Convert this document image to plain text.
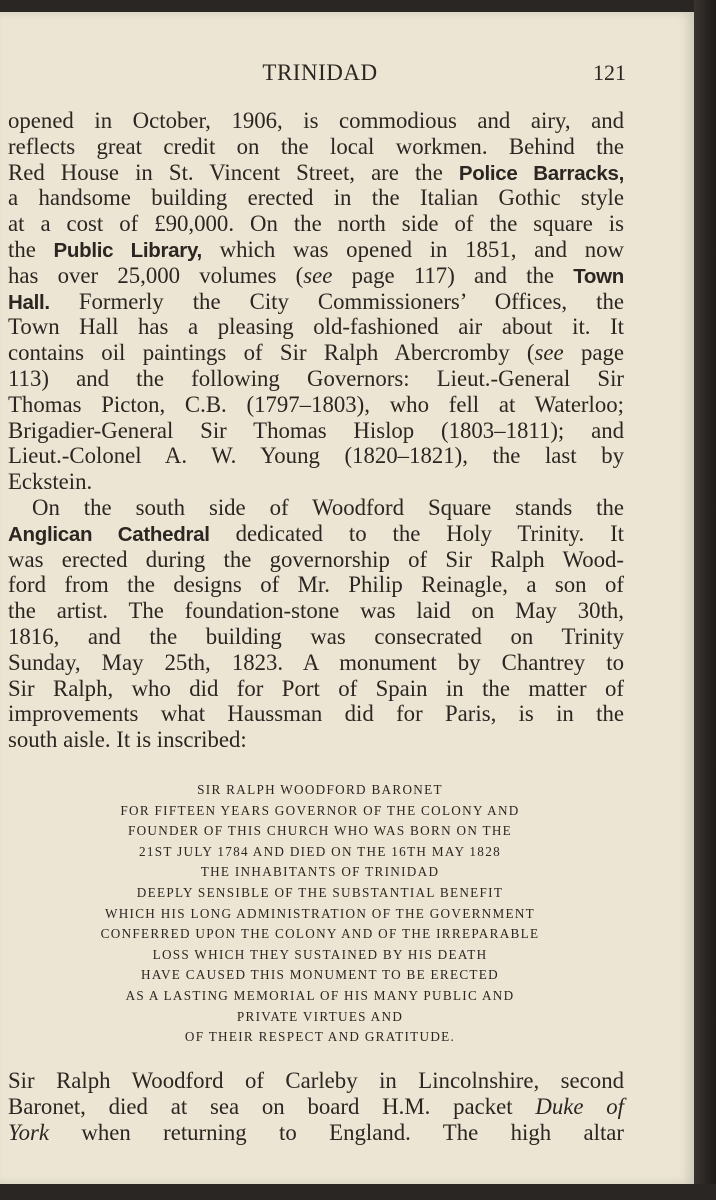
TRINIDAD	121
opened in October, 1906, is commodious and airy, and
reflects great credit on the local workmen. Behind the
Red House in St. Vincent Street, are the Police Barracks,
a handsome building erected in the Italian Gothic style
at a cost of £90,000. On the north side of the square is
the Public Library, which was opened in 1851, and now
has over 25,000 volumes (see page 117) and the Town
Hall. Formerly the City Commissioners’ Offices, the
Town Hall has a pleasing old-fashioned air about it. It
contains oil paintings of Sir Ralph Abercromby (see page
113) and the following Governors: Lieut.-General Sir
Thomas Picton, C.B. (1797–1803), who fell at Waterloo;
Brigadier-General Sir Thomas Hislop (1803–1811); and
Lieut.-Colonel A. W. Young (1820–1821), the last by
Eckstein.
On the south side of Woodford Square stands the
Anglican Cathedral dedicated to the Holy Trinity. It
was erected during the governorship of Sir Ralph Wood-
ford from the designs of Mr. Philip Reinagle, a son of
the artist. The foundation-stone was laid on May 30th,
1816, and the building was consecrated on Trinity
Sunday, May 25th, 1823. A monument by Chantrey to
Sir Ralph, who did for Port of Spain in the matter of
improvements what Haussman did for Paris, is in the
south aisle. It is inscribed:
SIR RALPH WOODFORD BARONET
FOR FIFTEEN YEARS GOVERNOR OF THE COLONY AND
FOUNDER OF THIS CHURCH WHO WAS BORN ON THE
21ST JULY 1784 AND DIED ON THE 16TH MAY 1828
THE INHABITANTS OF TRINIDAD
DEEPLY SENSIBLE OF THE SUBSTANTIAL BENEFIT
WHICH HIS LONG ADMINISTRATION OF THE GOVERNMENT
CONFERRED UPON THE COLONY AND OF THE IRREPARABLE
LOSS WHICH THEY SUSTAINED BY HIS DEATH
HAVE CAUSED THIS MONUMENT TO BE ERECTED
AS A LASTING MEMORIAL OF HIS MANY PUBLIC AND
PRIVATE VIRTUES AND
OF THEIR RESPECT AND GRATITUDE.
Sir Ralph Woodford of Carleby in Lincolnshire, second
Baronet, died at sea on board H.M. packet Duke of
York when returning to England. The high altar
